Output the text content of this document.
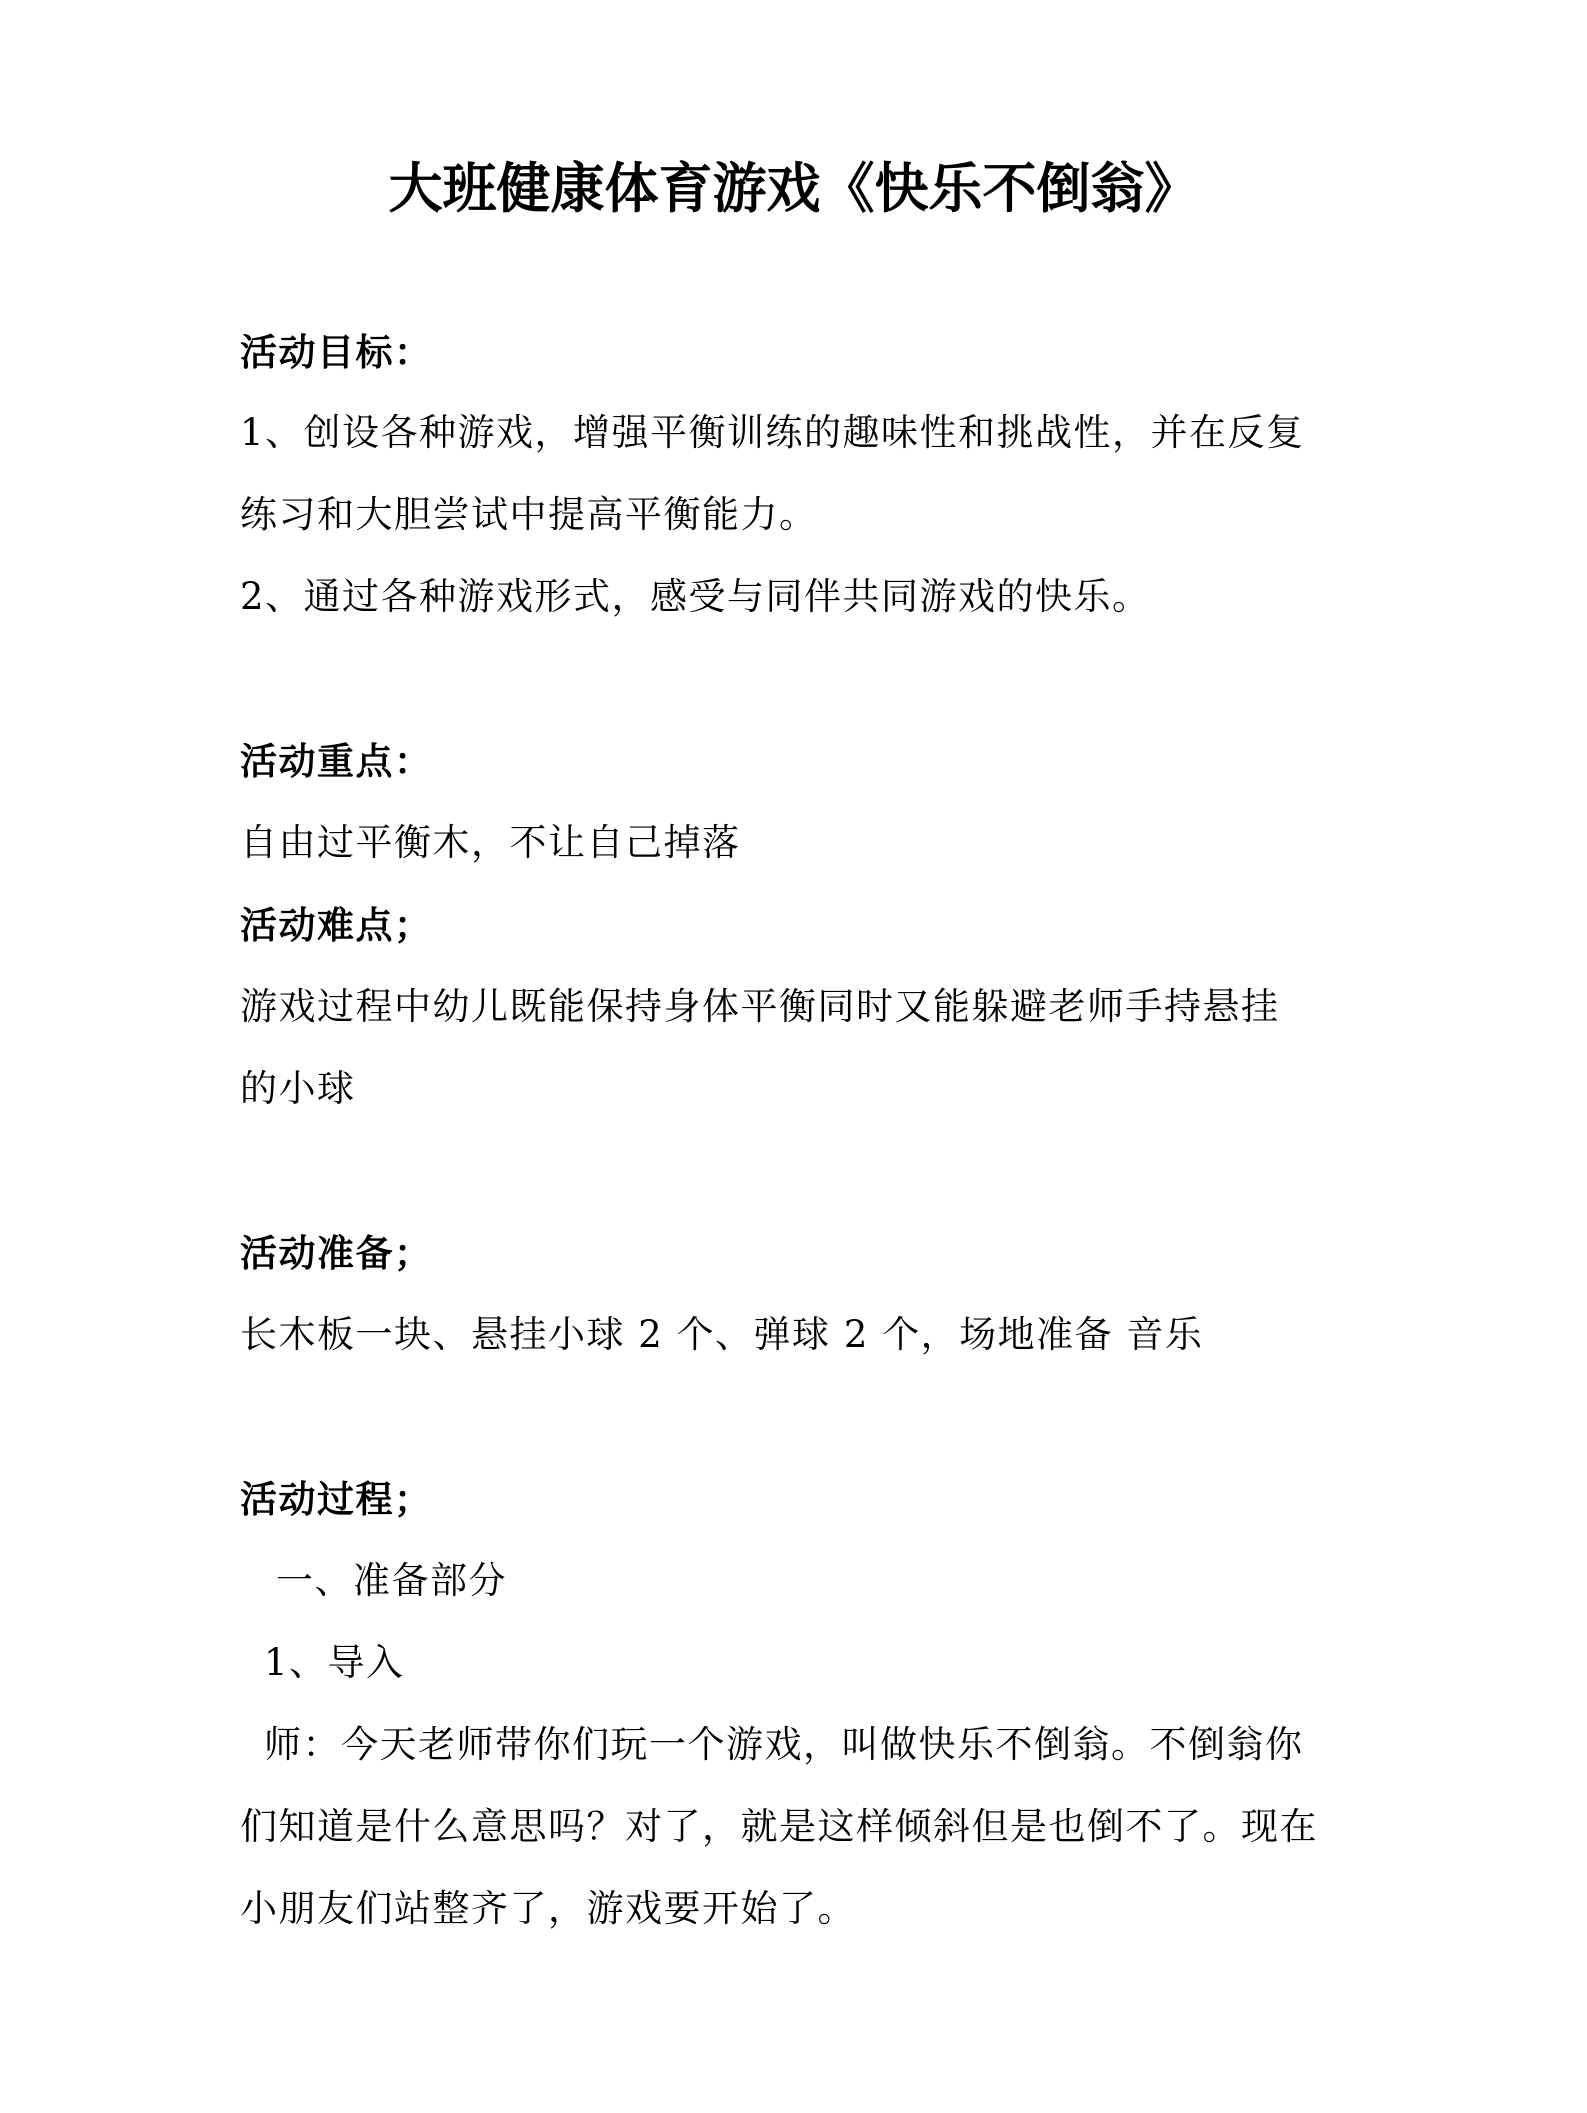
大班健康体育游戏《快乐不倒翁》
活动目标：
1、创设各种游戏，增强平衡训练的趣味性和挑战性，并在反复
练习和大胆尝试中提高平衡能力。
2、通过各种游戏形式，感受与同伴共同游戏的快乐。
活动重点：
自由过平衡木，不让自己掉落
活动难点；
游戏过程中幼儿既能保持身体平衡同时又能躲避老师手持悬挂
的小球
活动准备；
长木板一块、悬挂小球 2 个、弹球 2 个，场地准备 音乐
活动过程；
一、准备部分
1、导入
师：今天老师带你们玩一个游戏，叫做快乐不倒翁。不倒翁你
们知道是什么意思吗？对了，就是这样倾斜但是也倒不了。现在
小朋友们站整齐了，游戏要开始了。
